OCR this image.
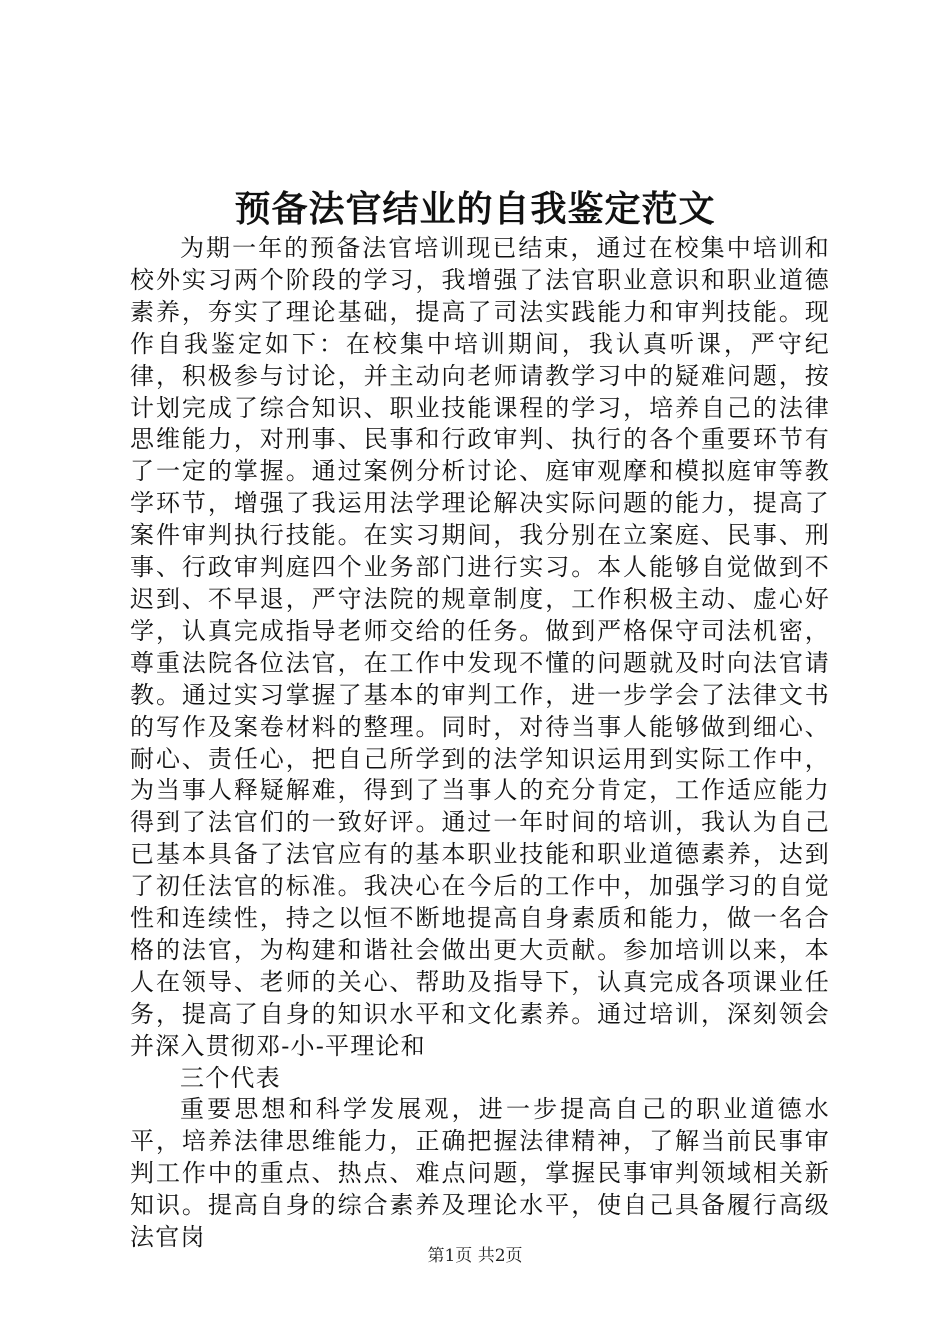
预备法官结业的自我鉴定范文

为期一年的预备法官培训现已结束，通过在校集中培训和校外实习两个阶段的学习，我增强了法官职业意识和职业道德素养，夯实了理论基础，提高了司法实践能力和审判技能。现作自我鉴定如下：在校集中培训期间，我认真听课，严守纪律，积极参与讨论，并主动向老师请教学习中的疑难问题，按计划完成了综合知识、职业技能课程的学习，培养自己的法律思维能力，对刑事、民事和行政审判、执行的各个重要环节有了一定的掌握。通过案例分析讨论、庭审观摩和模拟庭审等教学环节，增强了我运用法学理论解决实际问题的能力，提高了案件审判执行技能。在实习期间，我分别在立案庭、民事、刑事、行政审判庭四个业务部门进行实习。本人能够自觉做到不迟到、不早退，严守法院的规章制度，工作积极主动、虚心好学，认真完成指导老师交给的任务。做到严格保守司法机密，尊重法院各位法官，在工作中发现不懂的问题就及时向法官请教。通过实习掌握了基本的审判工作，进一步学会了法律文书的写作及案卷材料的整理。同时，对待当事人能够做到细心、耐心、责任心，把自己所学到的法学知识运用到实际工作中，为当事人释疑解难，得到了当事人的充分肯定，工作适应能力得到了法官们的一致好评。通过一年时间的培训，我认为自己已基本具备了法官应有的基本职业技能和职业道德素养，达到了初任法官的标准。我决心在今后的工作中，加强学习的自觉性和连续性，持之以恒不断地提高自身素质和能力，做一名合格的法官，为构建和谐社会做出更大贡献。参加培训以来，本人在领导、老师的关心、帮助及指导下，认真完成各项课业任务，提高了自身的知识水平和文化素养。通过培训，深刻领会并深入贯彻邓-小-平理论和

三个代表

重要思想和科学发展观，进一步提高自己的职业道德水平，培养法律思维能力，正确把握法律精神，了解当前民事审判工作中的重点、热点、难点问题，掌握民事审判领域相关新知识。提高自身的综合素养及理论水平，使自己具备履行高级法官岗

第1页 共2页
